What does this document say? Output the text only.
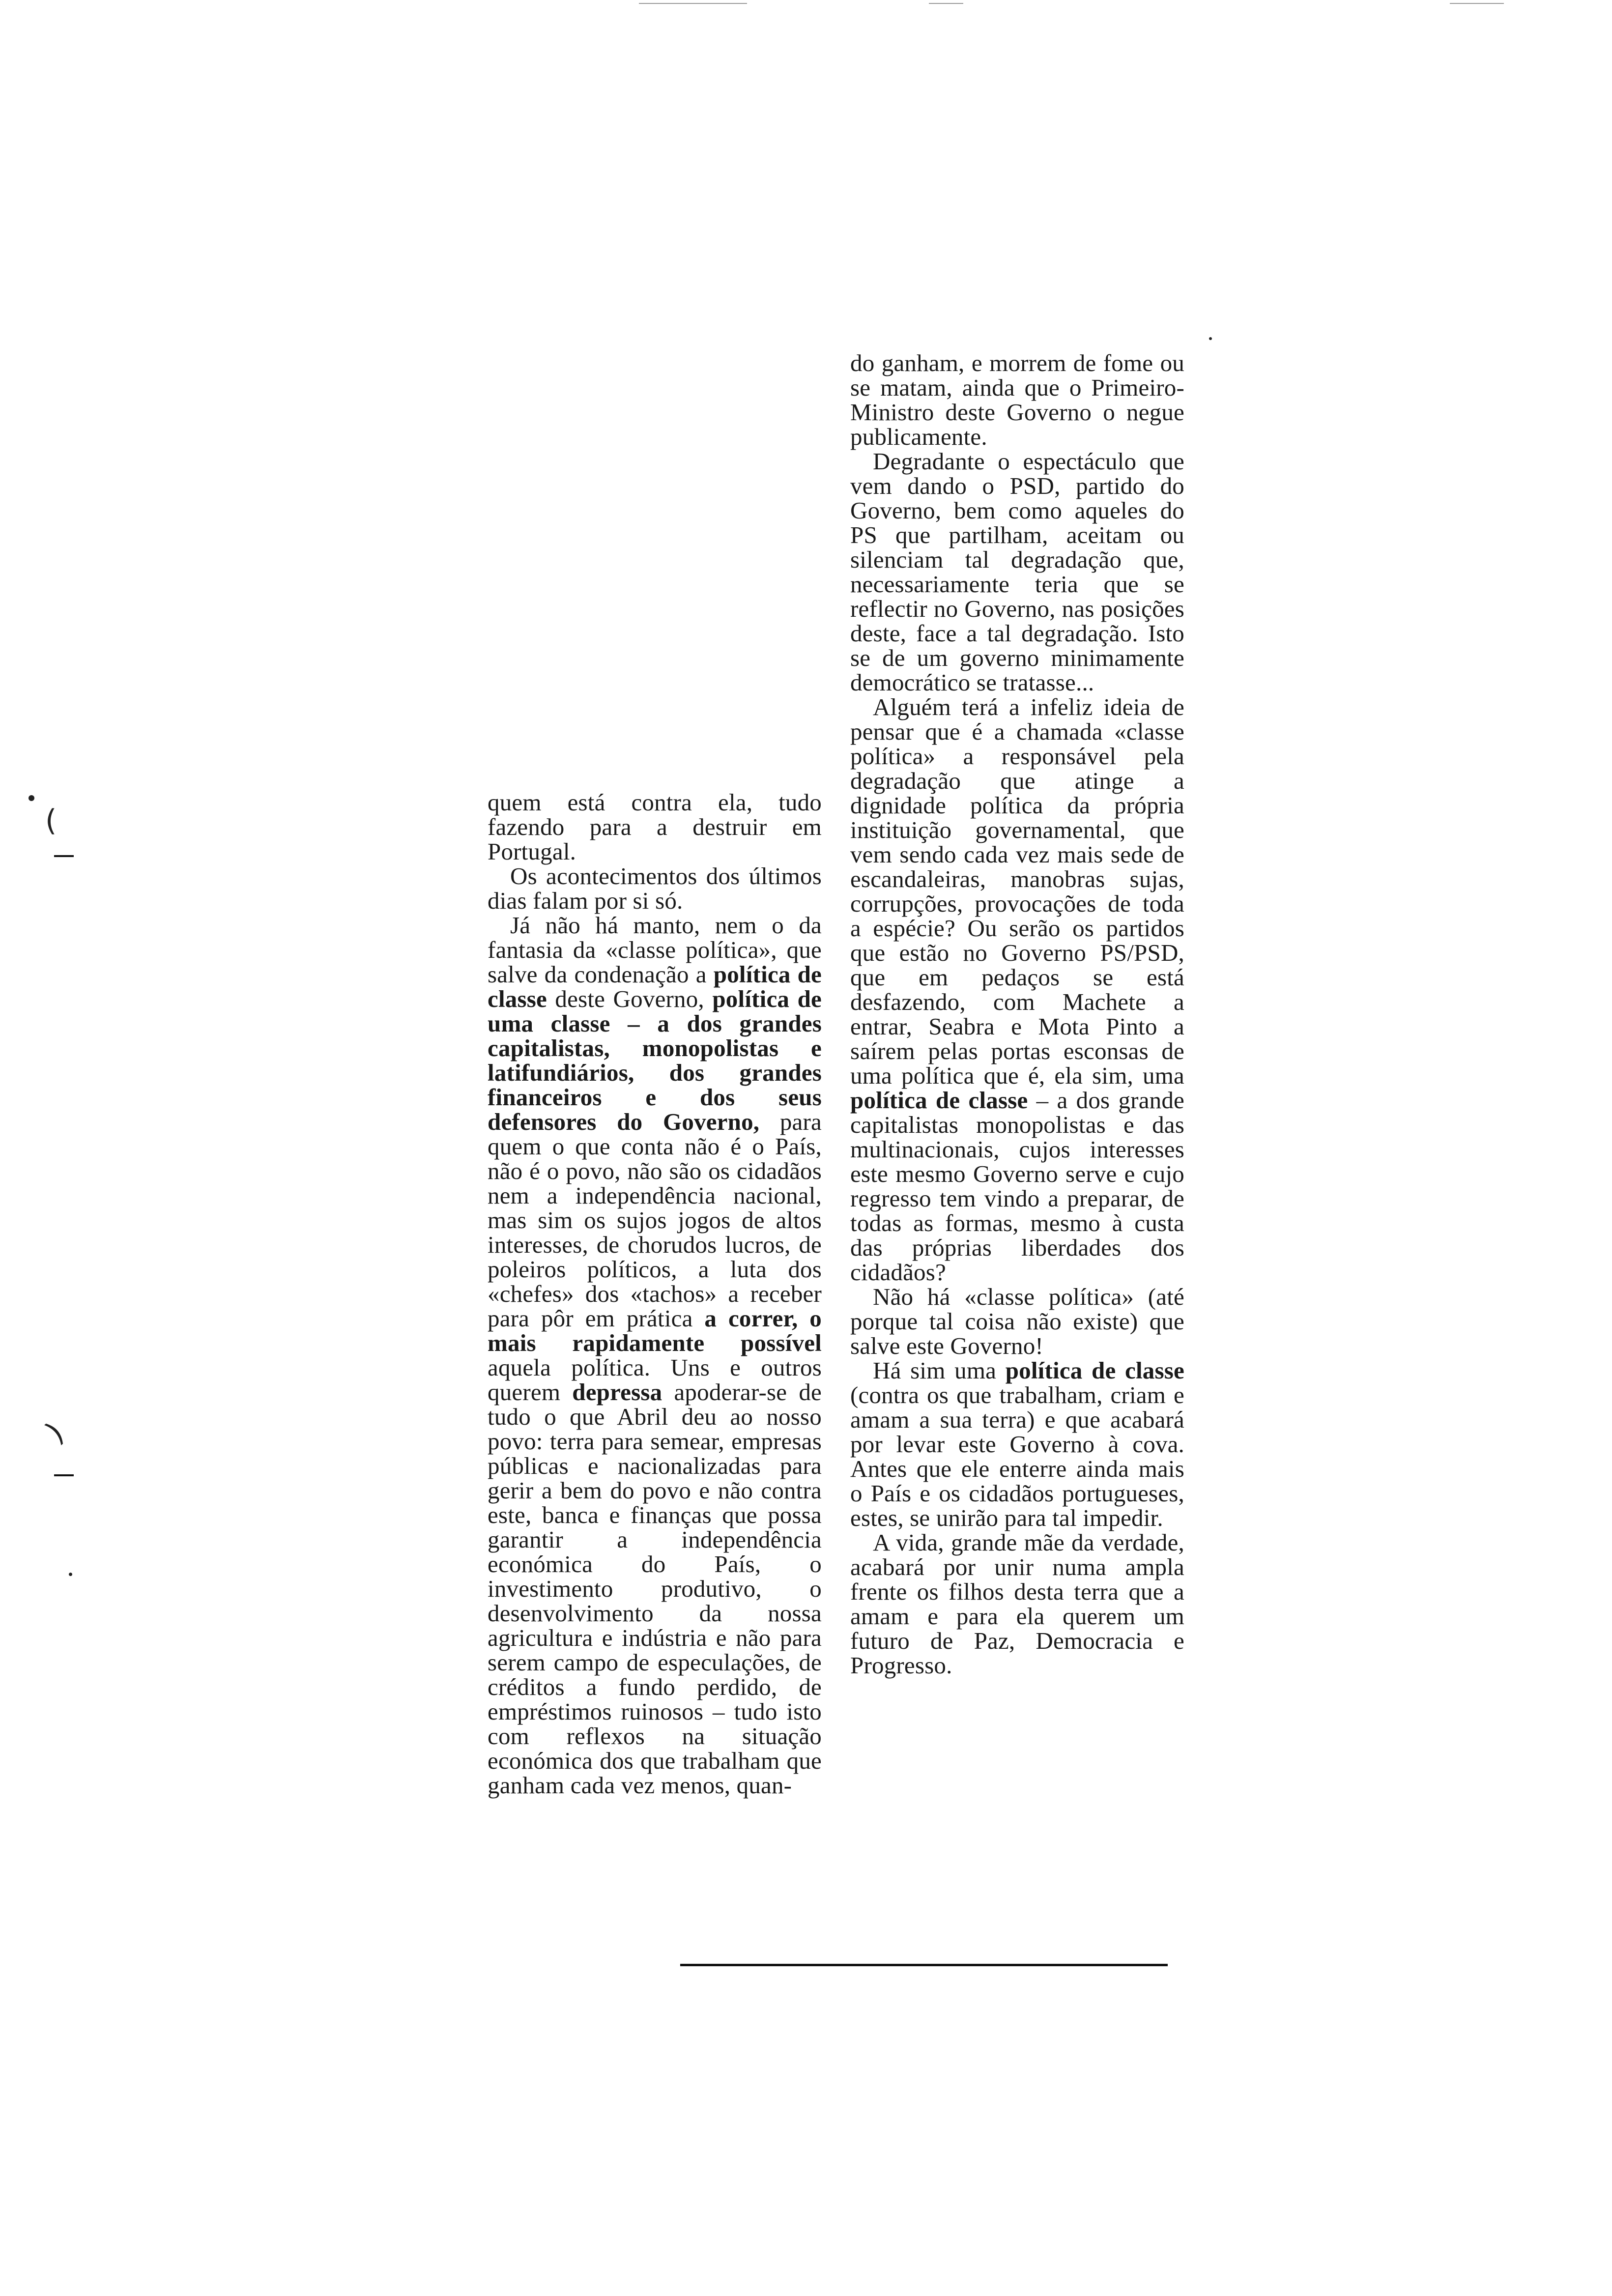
(
)

quem está contra ela, tudo fazendo para a destruir em Portugal.

Os acontecimentos dos últimos dias falam por si só.

Já não há manto, nem o da fantasia da «classe política», que salve da condenação a política de classe deste Governo, política de uma classe – a dos grandes capitalistas, monopolistas e latifundiários, dos grandes financeiros e dos seus defensores do Governo, para quem o que conta não é o País, não é o povo, não são os cidadãos nem a independência nacional, mas sim os sujos jogos de altos interesses, de chorudos lucros, de poleiros políticos, a luta dos «chefes» dos «tachos» a receber para pôr em prática a correr, o mais rapidamente possível aquela política. Uns e outros querem depressa apoderar-se de tudo o que Abril deu ao nosso povo: terra para semear, empresas públicas e nacionalizadas para gerir a bem do povo e não contra este, banca e finanças que possa garantir a independência económica do País, o investimento produtivo, o desenvolvimento da nossa agricultura e indústria e não para serem campo de especulações, de créditos a fundo perdido, de empréstimos ruinosos – tudo isto com reflexos na situação económica dos que trabalham que ganham cada vez menos, quan-

do ganham, e morrem de fome ou se matam, ainda que o Primeiro-Ministro deste Governo o negue publicamente.

Degradante o espectáculo que vem dando o PSD, partido do Governo, bem como aqueles do PS que partilham, aceitam ou silenciam tal degradação que, necessariamente teria que se reflectir no Governo, nas posições deste, face a tal degradação. Isto se de um governo minimamente democrático se tratasse...

Alguém terá a infeliz ideia de pensar que é a chamada «classe política» a responsável pela degradação que atinge a dignidade política da própria instituição governamental, que vem sendo cada vez mais sede de escandaleiras, manobras sujas, corrupções, provocações de toda a espécie? Ou serão os partidos que estão no Governo PS/PSD, que em pedaços se está desfazendo, com Machete a entrar, Seabra e Mota Pinto a saírem pelas portas esconsas de uma política que é, ela sim, uma política de classe – a dos grande capitalistas monopolistas e das multinacionais, cujos interesses este mesmo Governo serve e cujo regresso tem vindo a preparar, de todas as formas, mesmo à custa das próprias liberdades dos cidadãos?

Não há «classe política» (até porque tal coisa não existe) que salve este Governo!

Há sim uma política de classe (contra os que trabalham, criam e amam a sua terra) e que acabará por levar este Governo à cova. Antes que ele enterre ainda mais o País e os cidadãos portugueses, estes, se unirão para tal impedir.

A vida, grande mãe da verdade, acabará por unir numa ampla frente os filhos desta terra que a amam e para ela querem um futuro de Paz, Democracia e Progresso.
